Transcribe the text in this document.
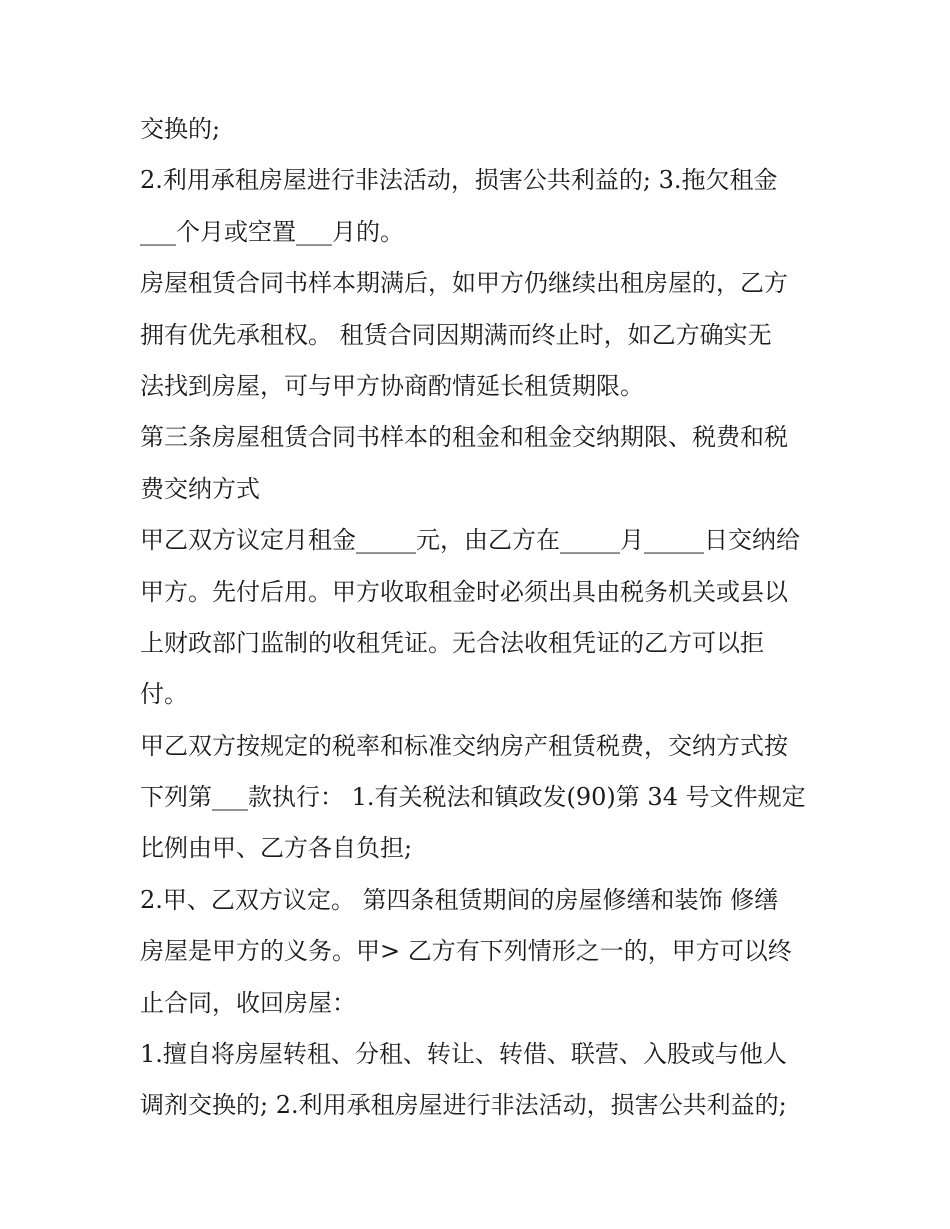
交换的;
2.利用承租房屋进行非法活动，损害公共利益的; 3.拖欠租金
___个月或空置___月的。
房屋租赁合同书样本期满后，如甲方仍继续出租房屋的，乙方
拥有优先承租权。 租赁合同因期满而终止时，如乙方确实无
法找到房屋，可与甲方协商酌情延长租赁期限。
第三条房屋租赁合同书样本的租金和租金交纳期限、税费和税
费交纳方式
甲乙双方议定月租金_____元，由乙方在_____月_____日交纳给
甲方。先付后用。甲方收取租金时必须出具由税务机关或县以
上财政部门监制的收租凭证。无合法收租凭证的乙方可以拒
付。
甲乙双方按规定的税率和标准交纳房产租赁税费，交纳方式按
下列第___款执行： 1.有关税法和镇政发(90)第 34 号文件规定
比例由甲、乙方各自负担;
2.甲、乙双方议定。 第四条租赁期间的房屋修缮和装饰 修缮
房屋是甲方的义务。甲> 乙方有下列情形之一的，甲方可以终
止合同，收回房屋：
1.擅自将房屋转租、分租、转让、转借、联营、入股或与他人
调剂交换的; 2.利用承租房屋进行非法活动，损害公共利益的;
